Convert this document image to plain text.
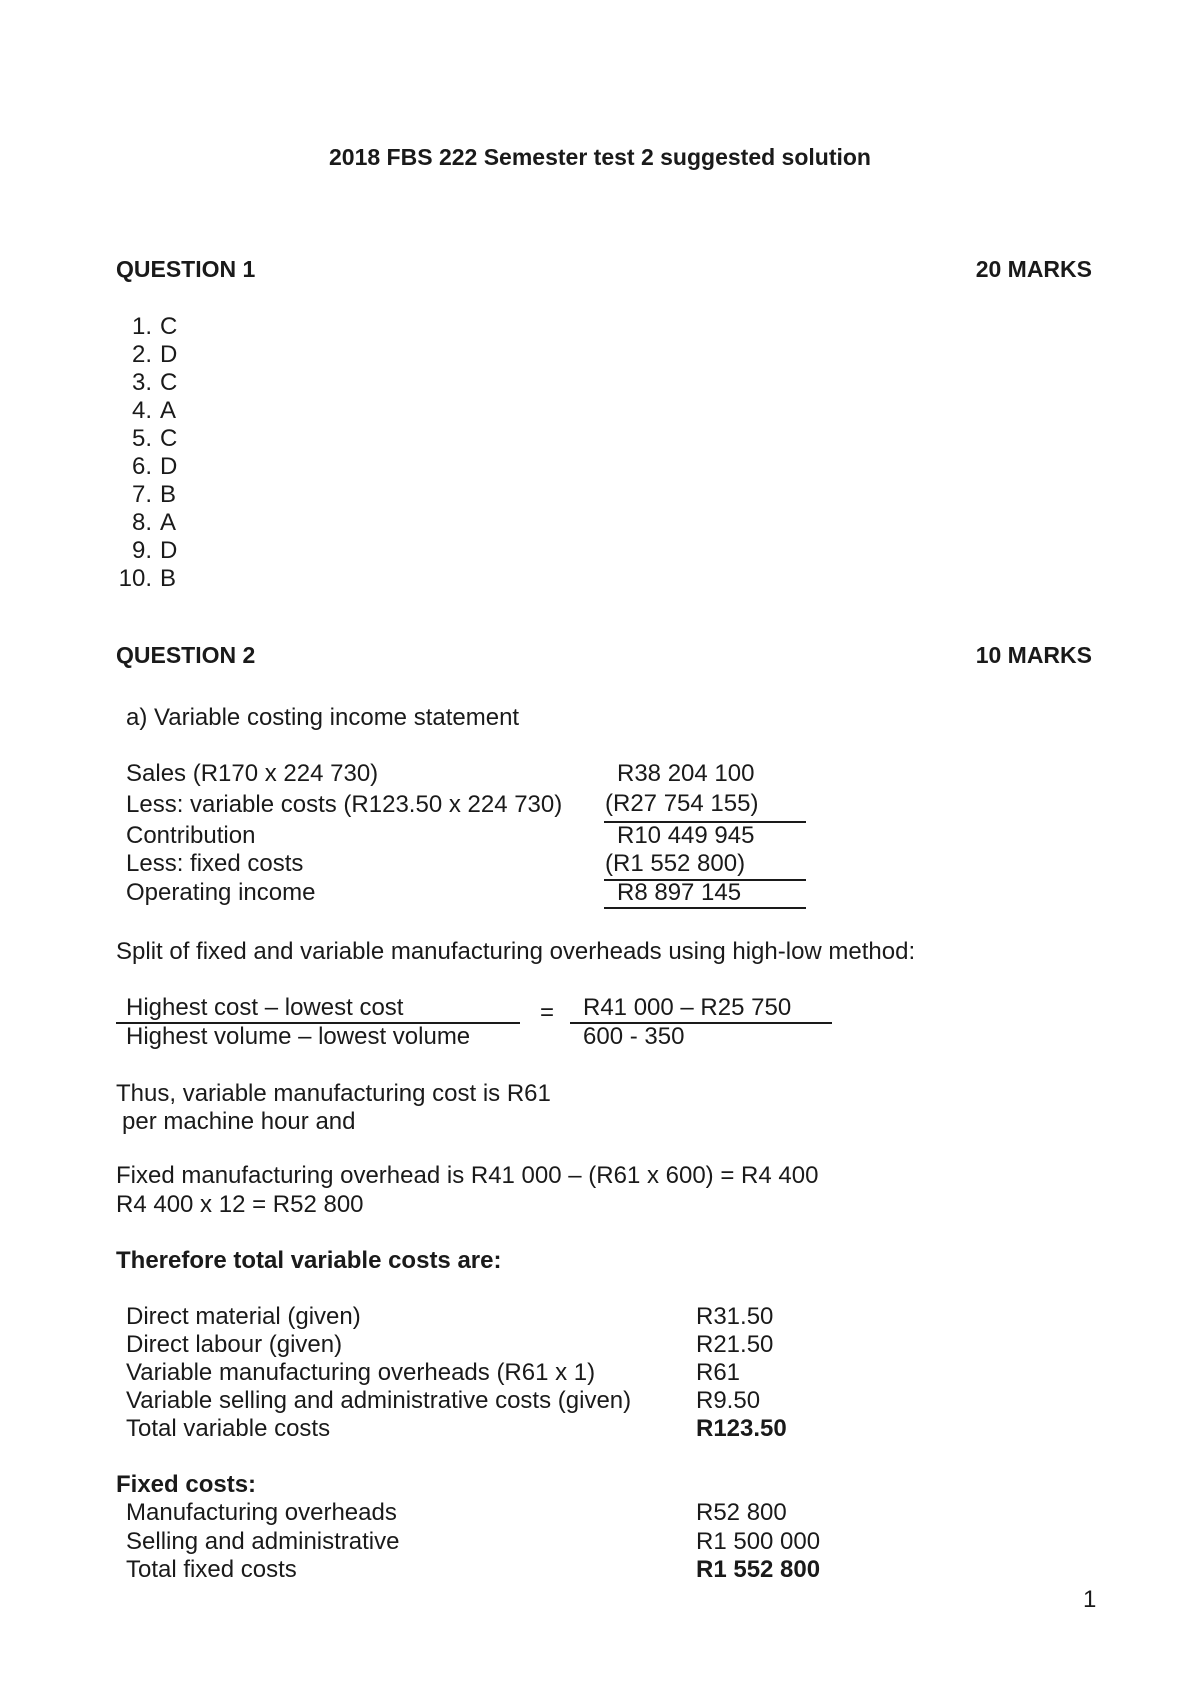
2018 FBS 222 Semester test 2 suggested solution
QUESTION 1	20 MARKS
1. C
2. D
3. C
4. A
5. C
6. D
7. B
8. A
9. D
10. B
QUESTION 2	10 MARKS
a) Variable costing income statement
Sales (R170 x 224 730)	R38 204 100
Less: variable costs (R123.50 x 224 730) (R27 754 155)
Contribution	R10 449 945
Less: fixed costs	(R1 552 800)
Operating income	R8 897 145
Split of fixed and variable manufacturing overheads using high-low method:
Highest cost – lowest cost
Highest volume – lowest volume
= R41 000 – R25 750
600 - 350
Thus, variable manufacturing cost is R61
per machine hour and
Fixed manufacturing overhead is R41 000 – (R61 x 600) = R4 400
R4 400 x 12 = R52 800
Therefore total variable costs are:
Direct material (given)	R31.50
Direct labour (given)	R21.50
Variable manufacturing overheads (R61 x 1)	R61
Variable selling and administrative costs (given)	R9.50
Total variable costs	R123.50
Fixed costs:
Manufacturing overheads	R52 800
Selling and administrative	R1 500 000
Total fixed costs	R1 552 800
1
